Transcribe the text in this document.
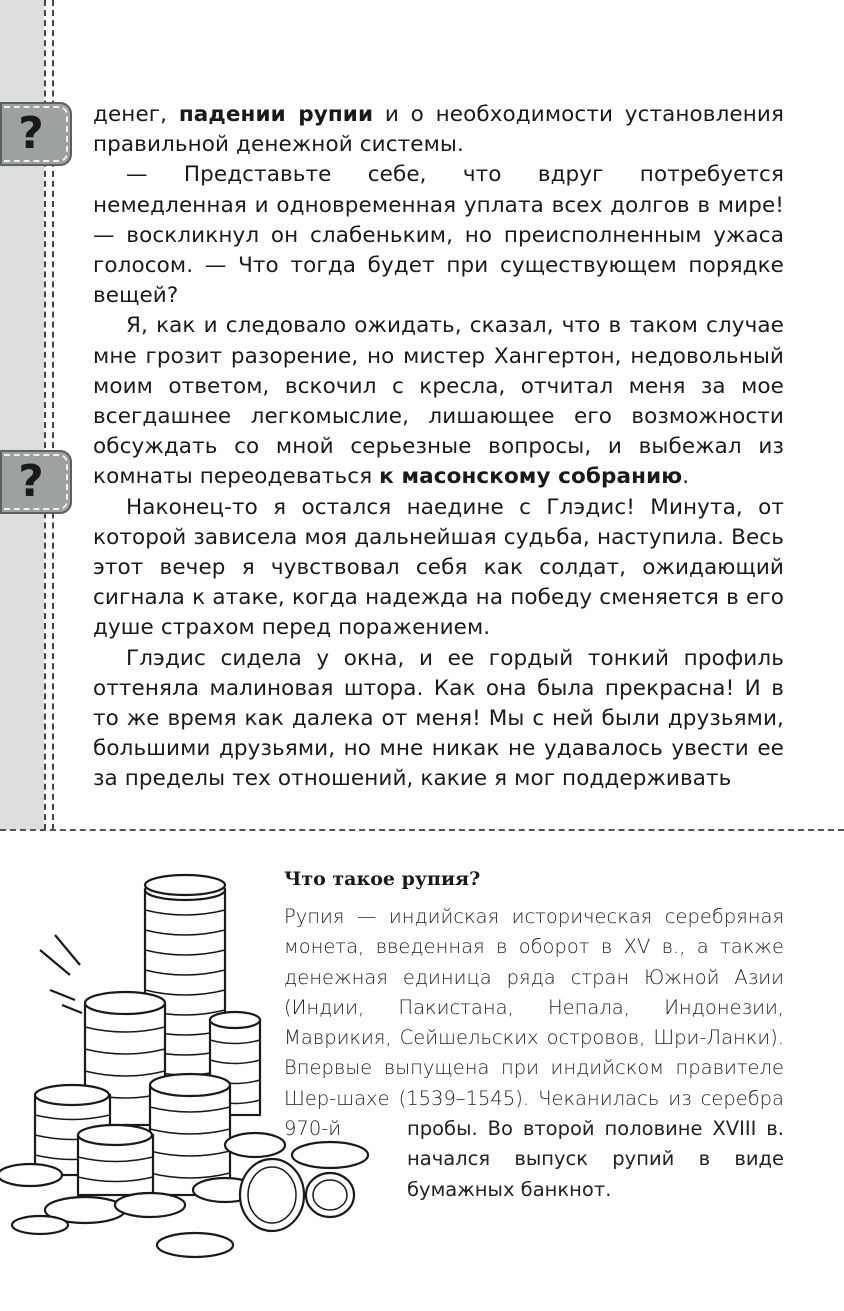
?
?

денег, падении рупии и о необходимости установления правильной денежной системы.

— Представьте себе, что вдруг потребуется немедленная и одновременная уплата всех долгов в мире! — воскликнул он слабеньким, но преисполненным ужаса голосом. — Что тогда будет при существующем порядке вещей?

Я, как и следовало ожидать, сказал, что в таком случае мне грозит разорение, но мистер Хангертон, недовольный моим ответом, вскочил с кресла, отчитал меня за мое всегдашнее легкомыслие, лишающее его возможности обсуждать со мной серьезные вопросы, и выбежал из комнаты переодеваться к масонскому собранию.

Наконец-то я остался наедине с Глэдис! Минута, от которой зависела моя дальнейшая судьба, наступила. Весь этот вечер я чувствовал себя как солдат, ожидающий сигнала к атаке, когда надежда на победу сменяется в его душе страхом перед поражением.

Глэдис сидела у окна, и ее гордый тонкий профиль оттеняла малиновая штора. Как она была прекрасна! И в то же время как далека от меня! Мы с ней были друзьями, большими друзьями, но мне никак не удавалось увести ее за пределы тех отношений, какие я мог поддерживать

Что такое рупия?
Рупия — индийская историческая серебряная монета, введенная в оборот в XV в., а также денежная единица ряда стран Южной Азии (Индии, Пакистана, Непала, Индонезии, Маврикия, Сейшельских островов, Шри-Ланки). Впервые выпущена при индийском правителе Шер-шахе (1539–1545). Чеканилась из серебра 970-й	пробы. Во второй половине XVIII в. начался выпуск рупий в виде бумажных банкнот.
